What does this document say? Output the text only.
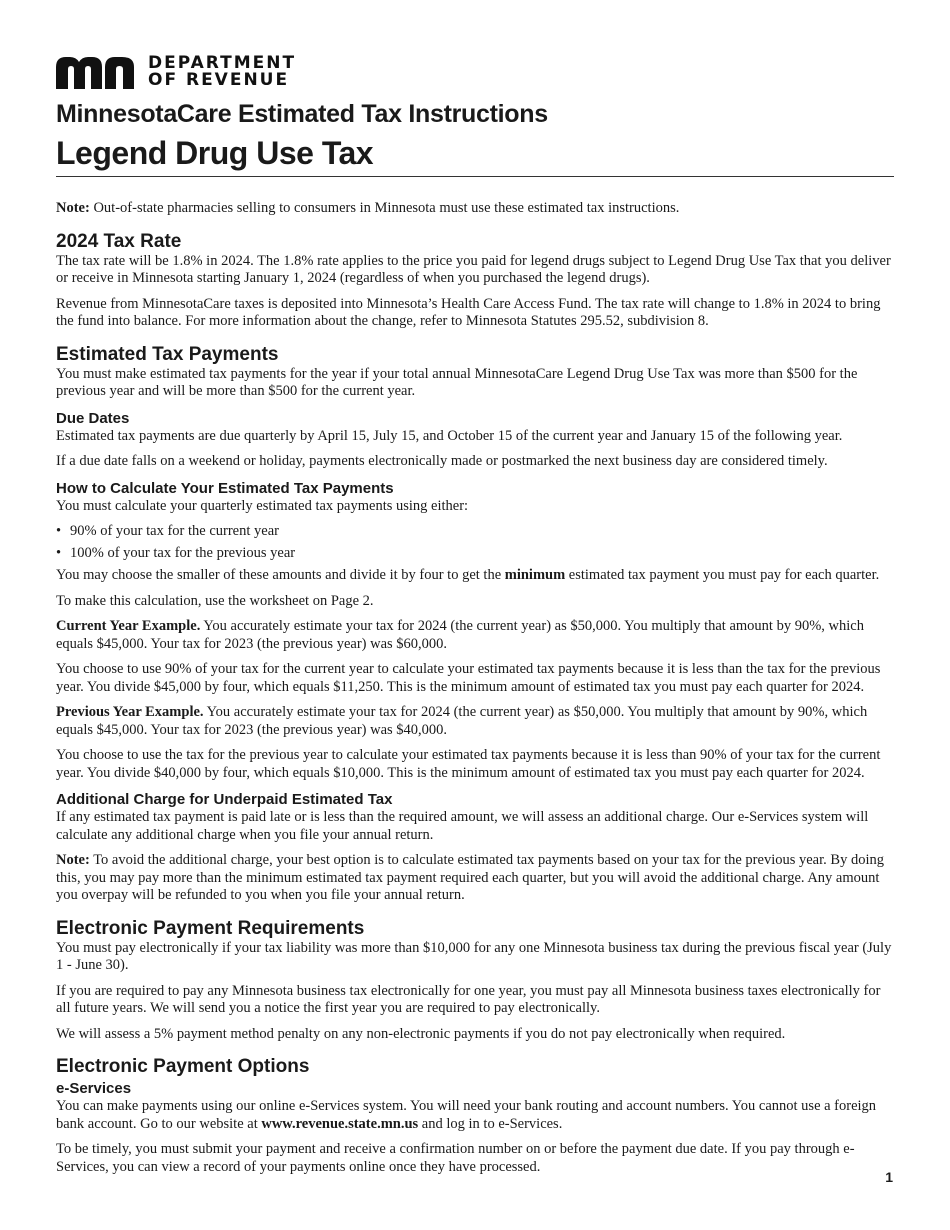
DEPARTMENT
OF REVENUE
MinnesotaCare Estimated Tax Instructions
Legend Drug Use Tax

Note: Out-of-state pharmacies selling to consumers in Minnesota must use these estimated tax instructions.

2024 Tax Rate

The tax rate will be 1.8% in 2024. The 1.8% rate applies to the price you paid for legend drugs subject to Legend Drug Use Tax that you deliver or receive in Minnesota starting January 1, 2024 (regardless of when you purchased the legend drugs).

Revenue from MinnesotaCare taxes is deposited into Minnesota’s Health Care Access Fund. The tax rate will change to 1.8% in 2024 to bring the fund into balance. For more information about the change, refer to Minnesota Statutes 295.52, subdivision 8.

Estimated Tax Payments

You must make estimated tax payments for the year if your total annual MinnesotaCare Legend Drug Use Tax was more than $500 for the previous year and will be more than $500 for the current year.

Due Dates

Estimated tax payments are due quarterly by April 15, July 15, and October 15 of the current year and January 15 of the following year.

If a due date falls on a weekend or holiday, payments electronically made or postmarked the next business day are considered timely.

How to Calculate Your Estimated Tax Payments

You must calculate your quarterly estimated tax payments using either:

• 90% of your tax for the current year
• 100% of your tax for the previous year

You may choose the smaller of these amounts and divide it by four to get the minimum estimated tax payment you must pay for each quarter.

To make this calculation, use the worksheet on Page 2.

Current Year Example. You accurately estimate your tax for 2024 (the current year) as $50,000. You multiply that amount by 90%, which equals $45,000. Your tax for 2023 (the previous year) was $60,000.

You choose to use 90% of your tax for the current year to calculate your estimated tax payments because it is less than the tax for the previous year. You divide $45,000 by four, which equals $11,250. This is the minimum amount of estimated tax you must pay each quarter for 2024.

Previous Year Example. You accurately estimate your tax for 2024 (the current year) as $50,000. You multiply that amount by 90%, which equals $45,000. Your tax for 2023 (the previous year) was $40,000.

You choose to use the tax for the previous year to calculate your estimated tax payments because it is less than 90% of your tax for the current year. You divide $40,000 by four, which equals $10,000. This is the minimum amount of estimated tax you must pay each quarter for 2024.

Additional Charge for Underpaid Estimated Tax

If any estimated tax payment is paid late or is less than the required amount, we will assess an additional charge. Our e-Services system will calculate any additional charge when you file your annual return.

Note: To avoid the additional charge, your best option is to calculate estimated tax payments based on your tax for the previous year. By doing this, you may pay more than the minimum estimated tax payment required each quarter, but you will avoid the additional charge. Any amount you overpay will be refunded to you when you file your annual return.

Electronic Payment Requirements

You must pay electronically if your tax liability was more than $10,000 for any one Minnesota business tax during the previous fiscal year (July 1 - June 30).

If you are required to pay any Minnesota business tax electronically for one year, you must pay all Minnesota business taxes electronically for all future years. We will send you a notice the first year you are required to pay electronically.

We will assess a 5% payment method penalty on any non-electronic payments if you do not pay electronically when required.

Electronic Payment Options
e-Services

You can make payments using our online e-Services system. You will need your bank routing and account numbers. You cannot use a foreign bank account. Go to our website at www.revenue.state.mn.us and log in to e-Services.

To be timely, you must submit your payment and receive a confirmation number on or before the payment due date. If you pay through e-Services, you can view a record of your payments online once they have processed.

1
